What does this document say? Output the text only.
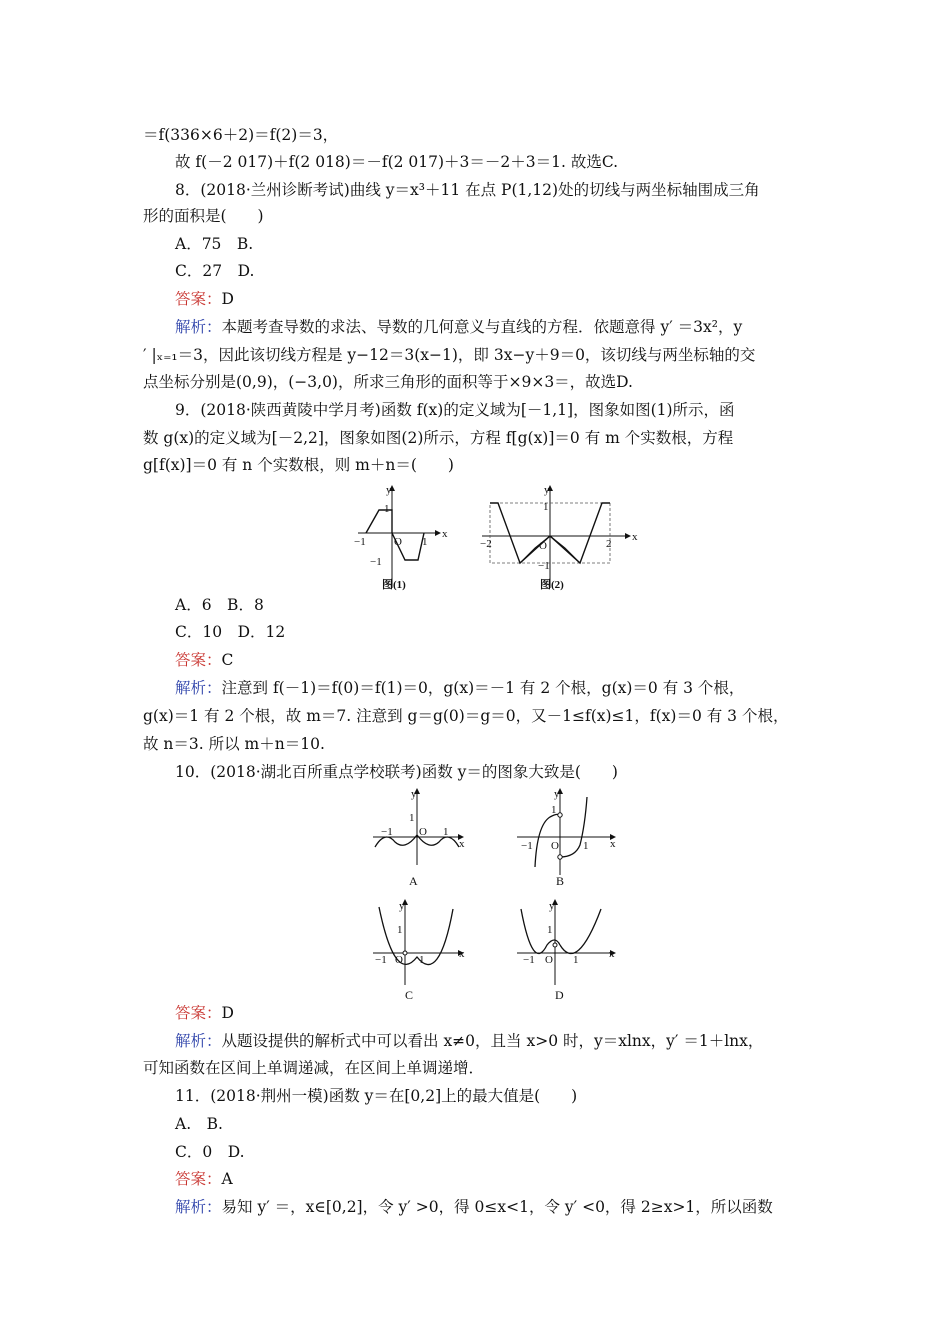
＝f(336×6＋2)＝f(2)＝3，
故 f(－2 017)＋f(2 018)＝－f(2 017)＋3＝－2＋3＝1. 故选C.
8．(2018·兰州诊断考试)曲线 y＝x³＋11 在点 P(1,12)处的切线与两坐标轴围成三角
形的面积是(　　)
A．75　B.
C．27　D.
答案：D
解析：本题考查导数的求法、导数的几何意义与直线的方程．依题意得 y′ ＝3x²，y
′ |ₓ₌₁＝3，因此该切线方程是 y−12＝3(x−1)，即 3x−y＋9＝0，该切线与两坐标轴的交
点坐标分别是(0,9)，(−3,0)，所求三角形的面积等于×9×3＝，故选D.
9．(2018·陕西黄陵中学月考)函数 f(x)的定义域为[－1,1]，图象如图(1)所示，函
数 g(x)的定义域为[－2,2]，图象如图(2)所示，方程 f[g(x)]＝0 有 m 个实数根，方程
g[f(x)]＝0 有 n 个实数根，则 m＋n＝(　　)
y
x
1
−1	1
O
−1
图(1)
y
x
1
−2	2
O
−1
图(2)
A．6　B．8
C．10　D．12
答案：C
解析：注意到 f(－1)＝f(0)＝f(1)＝0，g(x)＝－1 有 2 个根，g(x)＝0 有 3 个根，
g(x)＝1 有 2 个根，故 m＝7. 注意到 g＝g(0)＝g＝0，又－1≤f(x)≤1，f(x)＝0 有 3 个根，
故 n＝3. 所以 m＋n＝10.
10．(2018·湖北百所重点学校联考)函数 y＝的图象大致是(　　)
y
x
1
−1	1
O
A
y
x
1
−1	1
O
B
y
x
1
−1	1
O
C
y
x
1
−1	1
O
D
答案：D
解析：从题设提供的解析式中可以看出 x≠0，且当 x>0 时，y＝xlnx，y′ ＝1＋lnx，
可知函数在区间上单调递减，在区间上单调递增．
11．(2018·荆州一模)函数 y＝在[0,2]上的最大值是(　　)
A.　B.
C．0　D.
答案：A
解析：易知 y′ ＝，x∈[0,2]，令 y′ >0，得 0≤x<1，令 y′ <0，得 2≥x>1，所以函数
